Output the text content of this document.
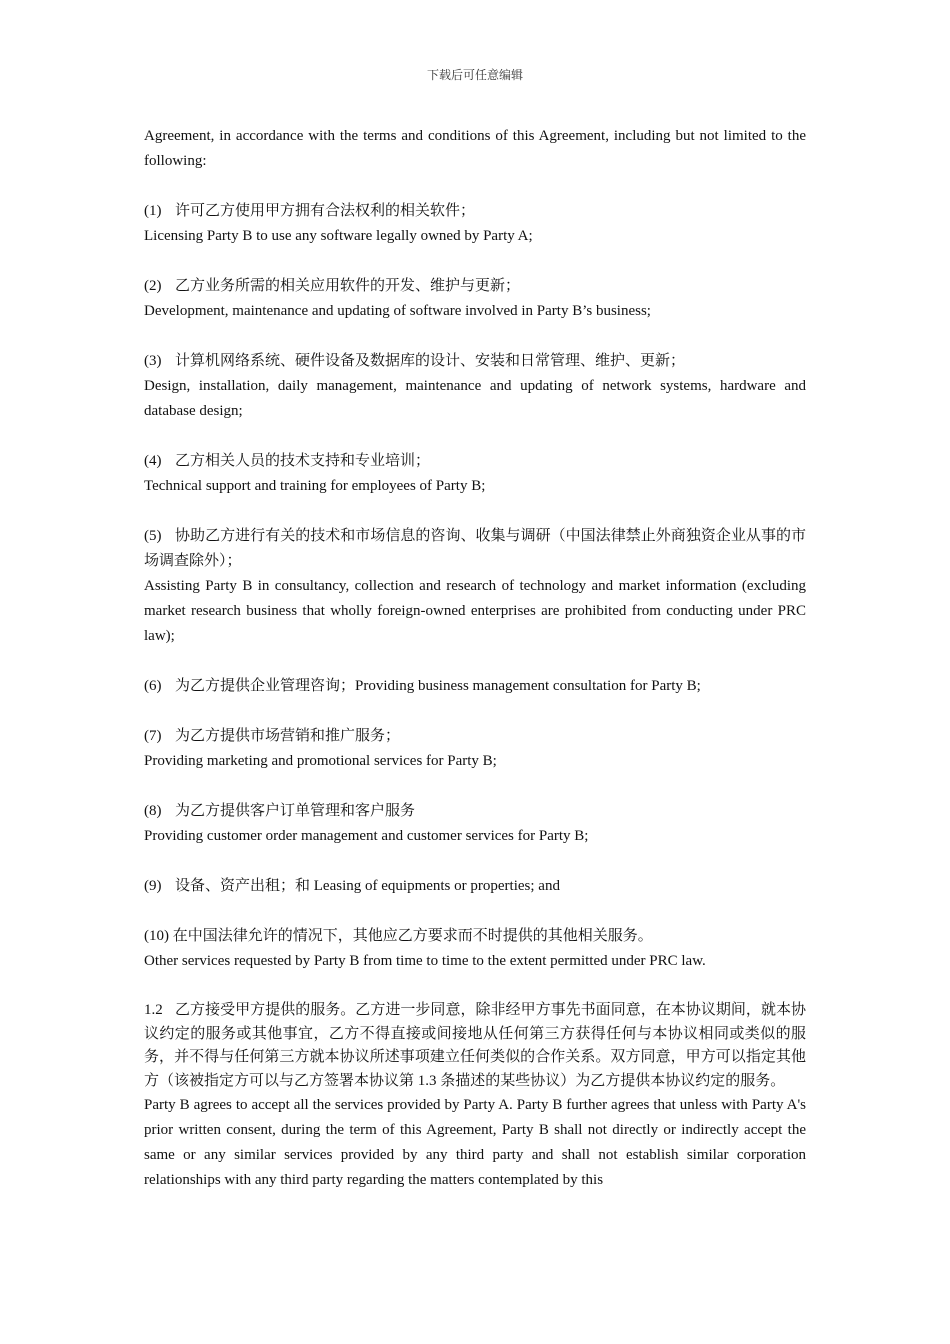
下载后可任意编辑

Agreement, in accordance with the terms and conditions of this Agreement, including but not limited to the following:

(1) 许可乙方使用甲方拥有合法权利的相关软件；

Licensing Party B to use any software legally owned by Party A;

(2) 乙方业务所需的相关应用软件的开发、维护与更新；

Development, maintenance and updating of software involved in Party B’s business;

(3) 计算机网络系统、硬件设备及数据库的设计、安装和日常管理、维护、更新；

Design, installation, daily management, maintenance and updating of network systems, hardware and database design;

(4) 乙方相关人员的技术支持和专业培训；

Technical support and training for employees of Party B;

(5) 协助乙方进行有关的技术和市场信息的咨询、收集与调研（中国法律禁止外商独资企业从事的市场调查除外）；

Assisting Party B in consultancy, collection and research of technology and market information (excluding market research business that wholly foreign-owned enterprises are prohibited from conducting under PRC law);

(6) 为乙方提供企业管理咨询；Providing business management consultation for Party B;

(7) 为乙方提供市场营销和推广服务；

Providing marketing and promotional services for Party B;

(8) 为乙方提供客户订单管理和客户服务

Providing customer order management and customer services for Party B;

(9) 设备、资产出租；和 Leasing of equipments or properties; and

(10) 在中国法律允许的情况下，其他应乙方要求而不时提供的其他相关服务。

Other services requested by Party B from time to time to the extent permitted under PRC law.

1.2 乙方接受甲方提供的服务。乙方进一步同意，除非经甲方事先书面同意，在本协议期间，就本协议约定的服务或其他事宜，乙方不得直接或间接地从任何第三方获得任何与本协议相同或类似的服务，并不得与任何第三方就本协议所述事项建立任何类似的合作关系。双方同意，甲方可以指定其他方（该被指定方可以与乙方签署本协议第 1.3 条描述的某些协议）为乙方提供本协议约定的服务。

Party B agrees to accept all the services provided by Party A. Party B further agrees that unless with Party A's prior written consent, during the term of this Agreement, Party B shall not directly or indirectly accept the same or any similar services provided by any third party and shall not establish similar corporation relationships with any third party regarding the matters contemplated by this
